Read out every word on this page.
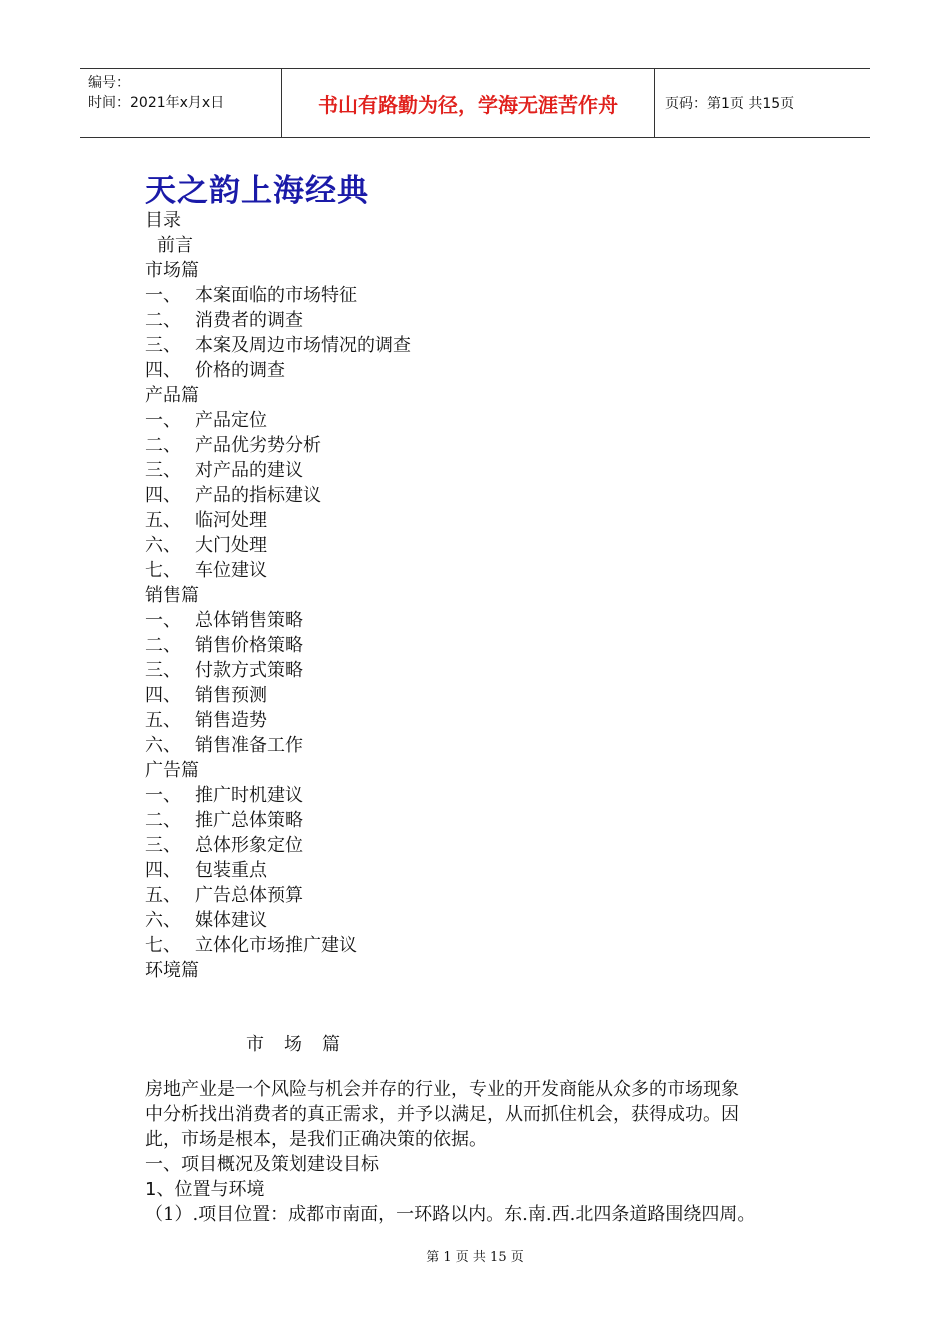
编号：
时间：2021年x月x日	书山有路勤为径，学海无涯苦作舟	页码：第1页 共15页
天之韵上海经典
目录
前言
市场篇
一、 本案面临的市场特征
二、 消费者的调查
三、 本案及周边市场情况的调查
四、 价格的调查
产品篇
一、 产品定位
二、 产品优劣势分析
三、 对产品的建议
四、 产品的指标建议
五、 临河处理
六、 大门处理
七、 车位建议
销售篇
一、 总体销售策略
二、 销售价格策略
三、 付款方式策略
四、 销售预测
五、 销售造势
六、 销售准备工作
广告篇
一、 推广时机建议
二、 推广总体策略
三、 总体形象定位
四、 包装重点
五、 广告总体预算
六、 媒体建议
七、 立体化市场推广建议
环境篇
市　场　篇

房地产业是一个风险与机会并存的行业，专业的开发商能从众多的市场现象

中分析找出消费者的真正需求，并予以满足，从而抓住机会，获得成功。因

此，市场是根本，是我们正确决策的依据。

一、项目概况及策划建设目标

1、位置与环境

（1）.项目位置：成都市南面，一环路以内。东.南.西.北四条道路围绕四周。

第 1 页 共 15 页
